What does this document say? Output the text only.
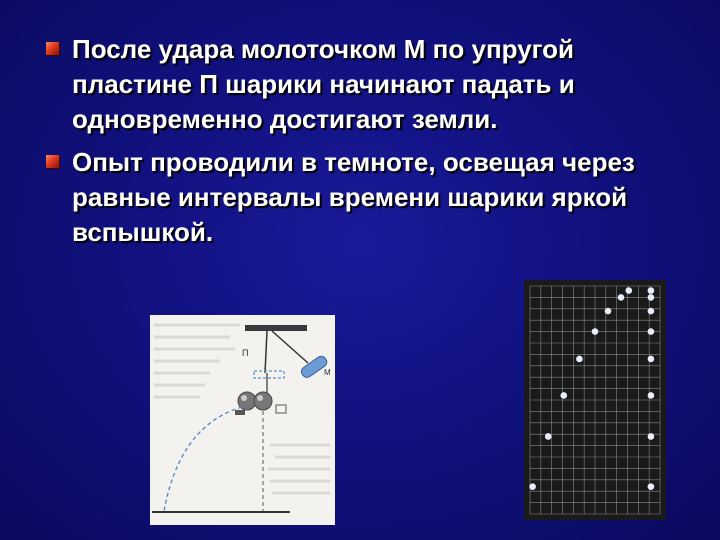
После удара молоточком М по упругой пластине П шарики начинают падать и одновременно достигают земли.
Опыт проводили в темноте, освещая через равные интервалы времени шарики яркой вспышкой.
П
М
